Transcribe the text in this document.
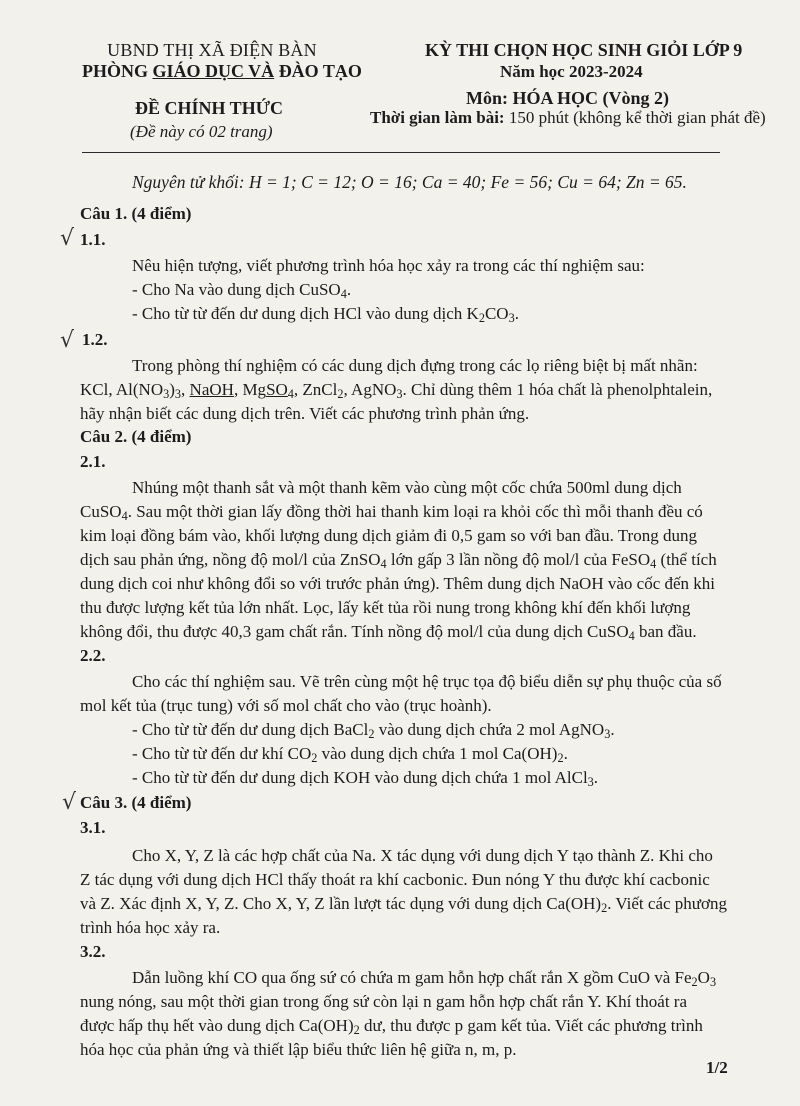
UBND THỊ XÃ ĐIỆN BÀN
PHÒNG GIÁO DỤC VÀ ĐÀO TẠO
ĐỀ CHÍNH THỨC
(Đề này có 02 trang)
KỲ THI CHỌN HỌC SINH GIỎI LỚP 9
Năm học 2023-2024
Môn: HÓA HỌC (Vòng 2)
Thời gian làm bài: 150 phút (không kể thời gian phát đề)
Nguyên tử khối: H = 1; C = 12; O = 16; Ca = 40; Fe = 56; Cu = 64; Zn = 65.
Câu 1. (4 điểm)
√ 1.1.
Nêu hiện tượng, viết phương trình hóa học xảy ra trong các thí nghiệm sau:
- Cho Na vào dung dịch CuSO$_4$.
- Cho từ từ đến dư dung dịch HCl vào dung dịch $K_2CO_3$.
√ 1.2.
Trong phòng thí nghiệm có các dung dịch đựng trong các lọ riêng biệt bị mất nhãn:
KCl, $Al(NO_3)_3$, NaOH, MgSO$_4$, ZnCl$_2$, AgNO$_3$. Chỉ dùng thêm 1 hóa chất là phenolphtalein,
hãy nhận biết các dung dịch trên. Viết các phương trình phản ứng.
Câu 2. (4 điểm)
2.1.
Nhúng một thanh sắt và một thanh kẽm vào cùng một cốc chứa 500ml dung dịch
CuSO$_4$. Sau một thời gian lấy đồng thời hai thanh kim loại ra khỏi cốc thì mỗi thanh đều có
kim loại đồng bám vào, khối lượng dung dịch giảm đi 0,5 gam so với ban đầu. Trong dung
dịch sau phản ứng, nồng độ mol/l của ZnSO$_4$ lớn gấp 3 lần nồng độ mol/l của FeSO$_4$ (thể tích
dung dịch coi như không đổi so với trước phản ứng). Thêm dung dịch NaOH vào cốc đến khi
thu được lượng kết tủa lớn nhất. Lọc, lấy kết tủa rồi nung trong không khí đến khối lượng
không đổi, thu được 40,3 gam chất rắn. Tính nồng độ mol/l của dung dịch CuSO$_4$ ban đầu.
2.2.
Cho các thí nghiệm sau. Vẽ trên cùng một hệ trục tọa độ biểu diễn sự phụ thuộc của số
mol kết tủa (trục tung) với số mol chất cho vào (trục hoành).
- Cho từ từ đến dư dung dịch BaCl$_2$ vào dung dịch chứa 2 mol AgNO$_3$.
- Cho từ từ đến dư khí $CO_2$ vào dung dịch chứa 1 mol $Ca(OH)_2$.
- Cho từ từ đến dư dung dịch KOH vào dung dịch chứa 1 mol AlCl$_3$.
√ Câu 3. (4 điểm)
3.1.
Cho X, Y, Z là các hợp chất của Na. X tác dụng với dung dịch Y tạo thành Z. Khi cho
Z tác dụng với dung dịch HCl thấy thoát ra khí cacbonic. Đun nóng Y thu được khí cacbonic
và Z. Xác định X, Y, Z. Cho X, Y, Z lần lượt tác dụng với dung dịch $Ca(OH)_2$. Viết các phương
trình hóa học xảy ra.
3.2.
Dẫn luồng khí CO qua ống sứ có chứa m gam hỗn hợp chất rắn X gồm CuO và $Fe_2O_3$
nung nóng, sau một thời gian trong ống sứ còn lại n gam hỗn hợp chất rắn Y. Khí thoát ra
được hấp thụ hết vào dung dịch $Ca(OH)_2$ dư, thu được p gam kết tủa. Viết các phương trình
hóa học của phản ứng và thiết lập biểu thức liên hệ giữa n, m, p.
1/2
